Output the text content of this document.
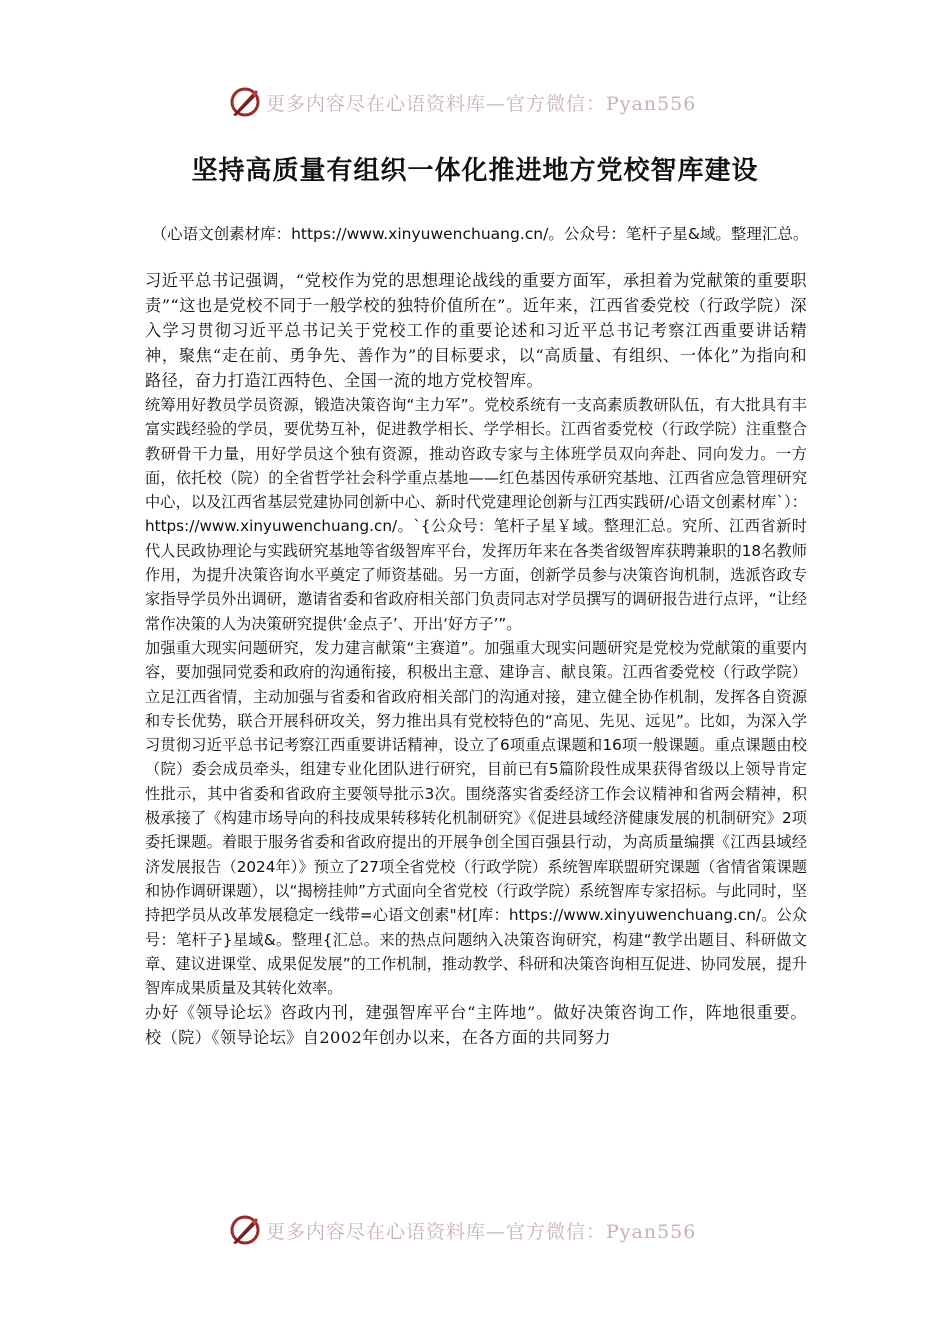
更多内容尽在心语资料库—官方微信：Pyan556
坚持高质量有组织一体化推进地方党校智库建设
（心语文创素材库：https://www.xinyuwenchuang.cn/。公众号：笔杆子星&域。整理汇总。

习近平总书记强调，“党校作为党的思想理论战线的重要方面军，承担着为党献策的重要职责”“这也是党校不同于一般学校的独特价值所在”。近年来，江西省委党校（行政学院）深入学习贯彻习近平总书记关于党校工作的重要论述和习近平总书记考察江西重要讲话精神，聚焦“走在前、勇争先、善作为”的目标要求，以“高质量、有组织、一体化”为指向和路径，奋力打造江西特色、全国一流的地方党校智库。

统筹用好教员学员资源，锻造决策咨询“主力军”。党校系统有一支高素质教研队伍，有大批具有丰富实践经验的学员，要优势互补，促进教学相长、学学相长。江西省委党校（行政学院）注重整合教研骨干力量，用好学员这个独有资源，推动咨政专家与主体班学员双向奔赴、同向发力。一方面，依托校（院）的全省哲学社会科学重点基地——红色基因传承研究基地、江西省应急管理研究中心，以及江西省基层党建协同创新中心、新时代党建理论创新与江西实践研/心语文创素材库`）：https://www.xinyuwenchuang.cn/。`{公众号：笔杆子星￥域。整理汇总。究所、江西省新时代人民政协理论与实践研究基地等省级智库平台，发挥历年来在各类省级智库获聘兼职的18名教师作用，为提升决策咨询水平奠定了师资基础。另一方面，创新学员参与决策咨询机制，选派咨政专家指导学员外出调研，邀请省委和省政府相关部门负责同志对学员撰写的调研报告进行点评，“让经常作决策的人为决策研究提供‘金点子’、开出‘好方子’”。

加强重大现实问题研究，发力建言献策“主赛道”。加强重大现实问题研究是党校为党献策的重要内容，要加强同党委和政府的沟通衔接，积极出主意、建诤言、献良策。江西省委党校（行政学院）立足江西省情，主动加强与省委和省政府相关部门的沟通对接，建立健全协作机制，发挥各自资源和专长优势，联合开展科研攻关，努力推出具有党校特色的“高见、先见、远见”。比如，为深入学习贯彻习近平总书记考察江西重要讲话精神，设立了6项重点课题和16项一般课题。重点课题由校（院）委会成员牵头，组建专业化团队进行研究，目前已有5篇阶段性成果获得省级以上领导肯定性批示，其中省委和省政府主要领导批示3次。围绕落实省委经济工作会议精神和省两会精神，积极承接了《构建市场导向的科技成果转移转化机制研究》《促进县域经济健康发展的机制研究》2项委托课题。着眼于服务省委和省政府提出的开展争创全国百强县行动，为高质量编撰《江西县域经济发展报告（2024年）》预立了27项全省党校（行政学院）系统智库联盟研究课题（省情省策课题和协作调研课题），以“揭榜挂帅”方式面向全省党校（行政学院）系统智库专家招标。与此同时，坚持把学员从改革发展稳定一线带=心语文创素"材[库：https://www.xinyuwenchuang.cn/。公众号：笔杆子}星域&。整理{汇总。来的热点问题纳入决策咨询研究，构建“教学出题目、科研做文章、建议进课堂、成果促发展”的工作机制，推动教学、科研和决策咨询相互促进、协同发展，提升智库成果质量及其转化效率。

办好《领导论坛》咨政内刊，建强智库平台“主阵地”。做好决策咨询工作，阵地很重要。校（院）《领导论坛》自2002年创办以来，在各方面的共同努力

更多内容尽在心语资料库—官方微信：Pyan556
